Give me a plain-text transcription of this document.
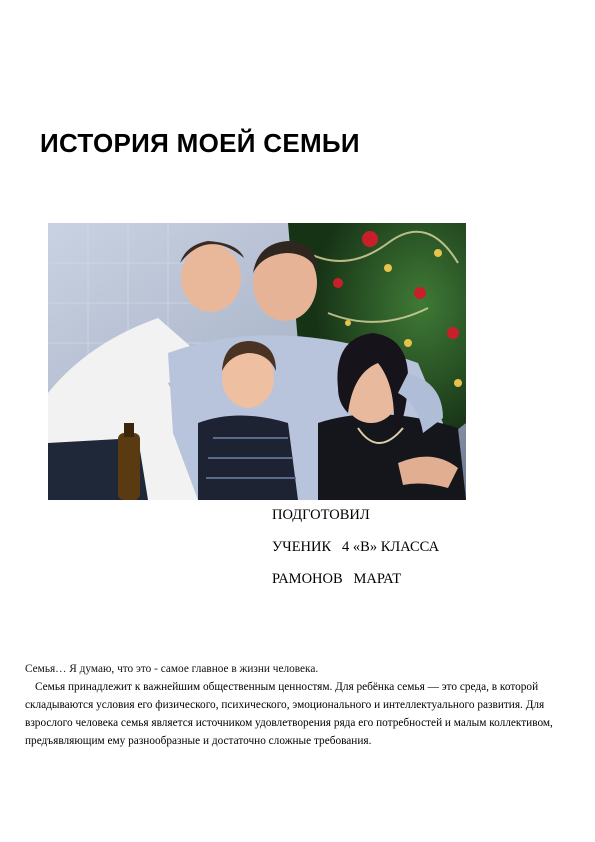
ИСТОРИЯ МОЕЙ СЕМЬИ
ПОДГОТОВИЛ
УЧЕНИК   4 «В» КЛАССА
РАМОНОВ   МАРАТ

Семья… Я думаю, что это - самое главное в жизни человека.

Семья принадлежит к важнейшим общественным ценностям. Для ребёнка семья — это среда, в которой складываются условия его физического, психического, эмоционального и интеллектуального развития. Для взрослого человека семья является источником удовлетворения ряда его потребностей и малым коллективом, предъявляющим ему разнообразные и достаточно сложные требования.
